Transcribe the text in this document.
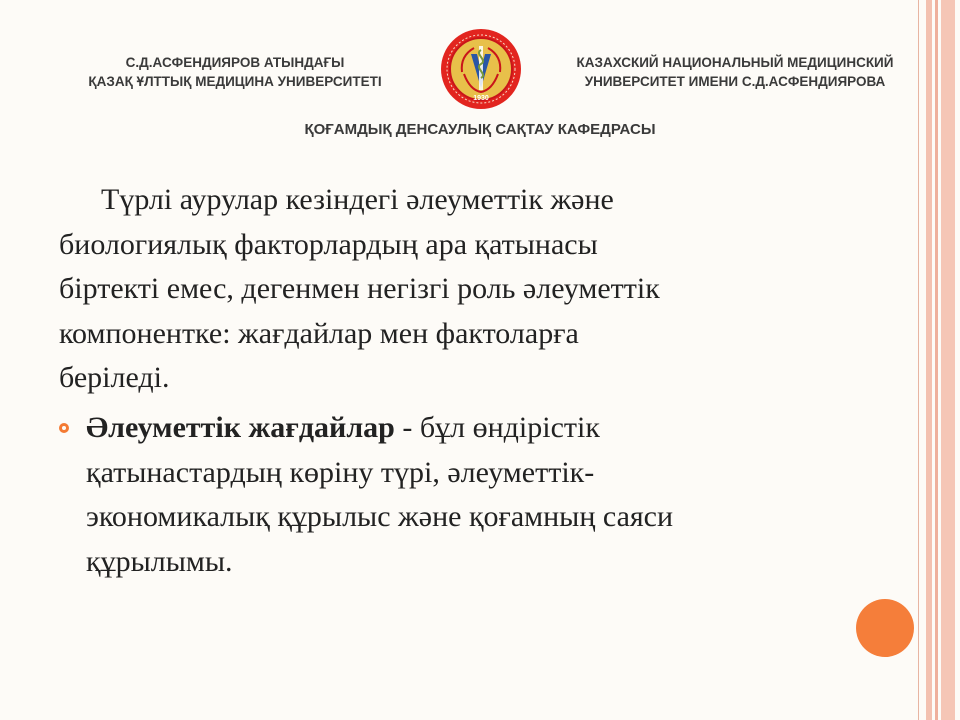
С.Д.АСФЕНДИЯРОВ АТЫНДАҒЫ
ҚАЗАҚ ҰЛТТЫҚ МЕДИЦИНА УНИВЕРСИТЕТІ
1930
КАЗАХСКИЙ НАЦИОНАЛЬНЫЙ МЕДИЦИНСКИЙ
УНИВЕРСИТЕТ ИМЕНИ С.Д.АСФЕНДИЯРОВА
ҚОҒАМДЫҚ ДЕНСАУЛЫҚ САҚТАУ КАФЕДРАСЫ
Түрлі аурулар кезіндегі әлеуметтік және
биологиялық факторлардың ара қатынасы
біртекті емес, дегенмен негізгі роль әлеуметтік
компонентке: жағдайлар мен фактоларға
беріледі.
Әлеуметтік жағдайлар - бұл өндірістік
қатынастардың көріну түрі, әлеуметтік-
экономикалық құрылыс және қоғамның саяси
құрылымы.
